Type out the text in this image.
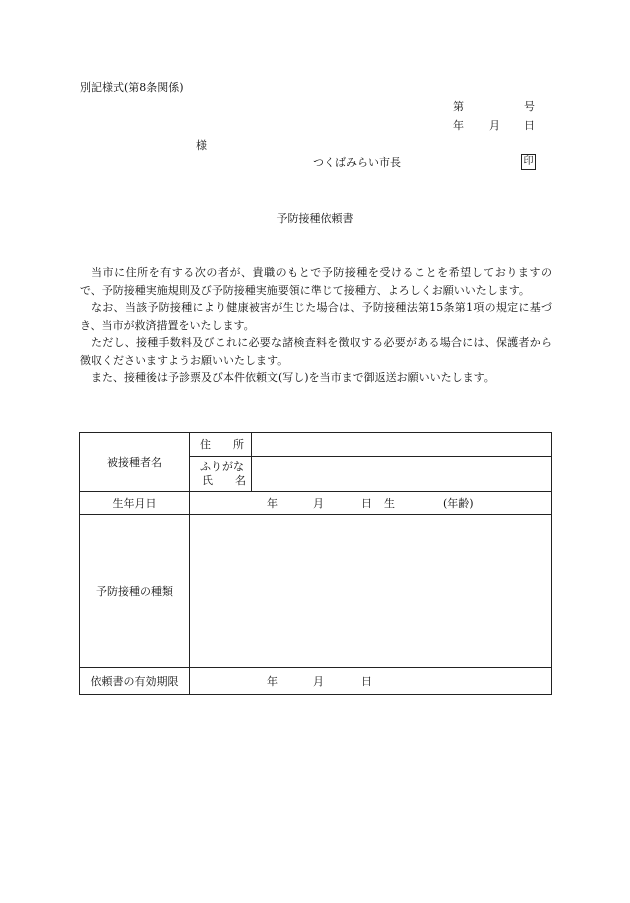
別記様式(第8条関係)
第	号
年 月 日
様
つくばみらい市長	印
予防接種依頼書

当市に住所を有する次の者が、貴職のもとで予防接種を受けることを希望しておりますので、予防接種実施規則及び予防接種実施要領に準じて接種方、よろしくお願いいたします。

なお、当該予防接種により健康被害が生じた場合は、予防接種法第15条第1項の規定に基づき、当市が救済措置をいたします。

ただし、接種手数料及びこれに必要な諸検査料を徴収する必要がある場合には、保護者から徴収くださいますようお願いいたします。

また、接種後は予診票及び本件依頼文(写し)を当市まで御返送お願いいたします。

被接種者名	住 所	

	ふりがな
氏 名	

生年月日	年 月 日 生 (年齢)	

予防接種の種類		
依頼書の有効期限	年 月 日	
